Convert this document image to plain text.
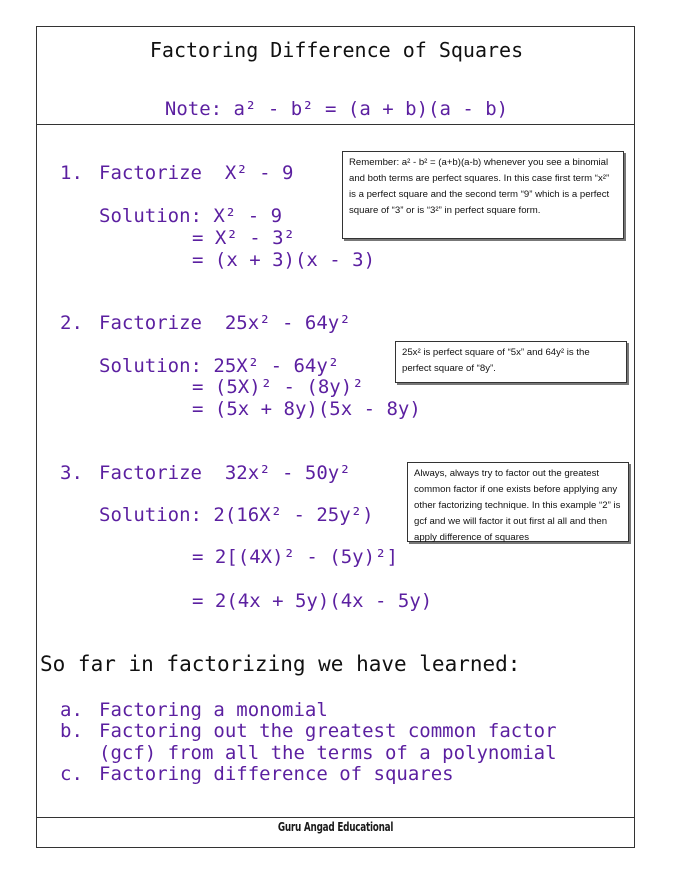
Factoring Difference of Squares
Note: a² - b² = (a + b)(a - b)
1. Factorize  X² - 9
Solution: X² - 9
= X² - 3²
= (x + 3)(x - 3)
Remember: a² - b² = (a+b)(a-b) whenever you see a binomial and both terms are perfect squares. In this case first term “x²” is a perfect square and the second term “9” which is a perfect square of “3” or is “3²” in perfect square form.
2. Factorize  25x² - 64y²
Solution: 25X² - 64y²
= (5X)² - (8y)²
= (5x + 8y)(5x - 8y)
25x² is perfect square of “5x” and 64y² is the perfect square of “8y”.
3. Factorize  32x² - 50y²
Solution: 2(16X² - 25y²)
= 2[(4X)² - (5y)²]
= 2(4x + 5y)(4x - 5y)
Always, always try to factor out the greatest common factor if one exists before applying any other factorizing technique. In this example “2” is gcf and we will factor it out first al all and then apply difference of squares
So far in factorizing we have learned:
a. Factoring a monomial
b. Factoring out the greatest common factor
(gcf) from all the terms of a polynomial
c. Factoring difference of squares
Guru Angad Educational
